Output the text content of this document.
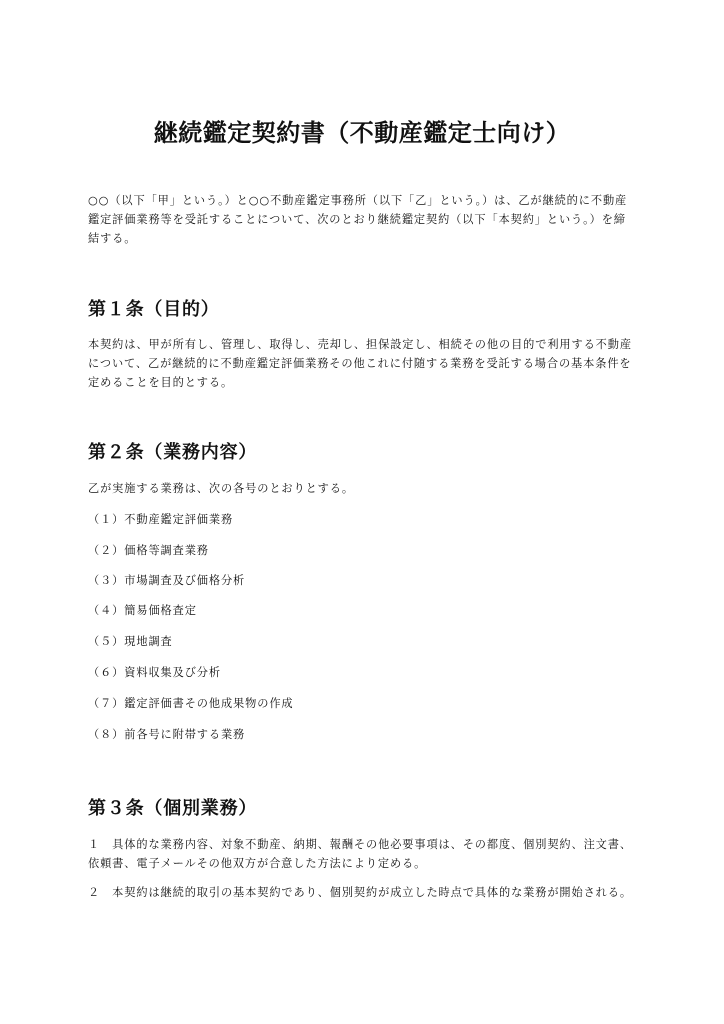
継続鑑定契約書（不動産鑑定士向け）
○○（以下「甲」という。）と○○不動産鑑定事務所（以下「乙」という。）は、乙が継続的に不動産
鑑定評価業務等を受託することについて、次のとおり継続鑑定契約（以下「本契約」という。）を締
結する。
第１条（目的）
本契約は、甲が所有し、管理し、取得し、売却し、担保設定し、相続その他の目的で利用する不動産
について、乙が継続的に不動産鑑定評価業務その他これに付随する業務を受託する場合の基本条件を
定めることを目的とする。
第２条（業務内容）
乙が実施する業務は、次の各号のとおりとする。
（１）不動産鑑定評価業務
（２）価格等調査業務
（３）市場調査及び価格分析
（４）簡易価格査定
（５）現地調査
（６）資料収集及び分析
（７）鑑定評価書その他成果物の作成
（８）前各号に附帯する業務
第３条（個別業務）
１　具体的な業務内容、対象不動産、納期、報酬その他必要事項は、その都度、個別契約、注文書、
依頼書、電子メールその他双方が合意した方法により定める。
２　本契約は継続的取引の基本契約であり、個別契約が成立した時点で具体的な業務が開始される。
